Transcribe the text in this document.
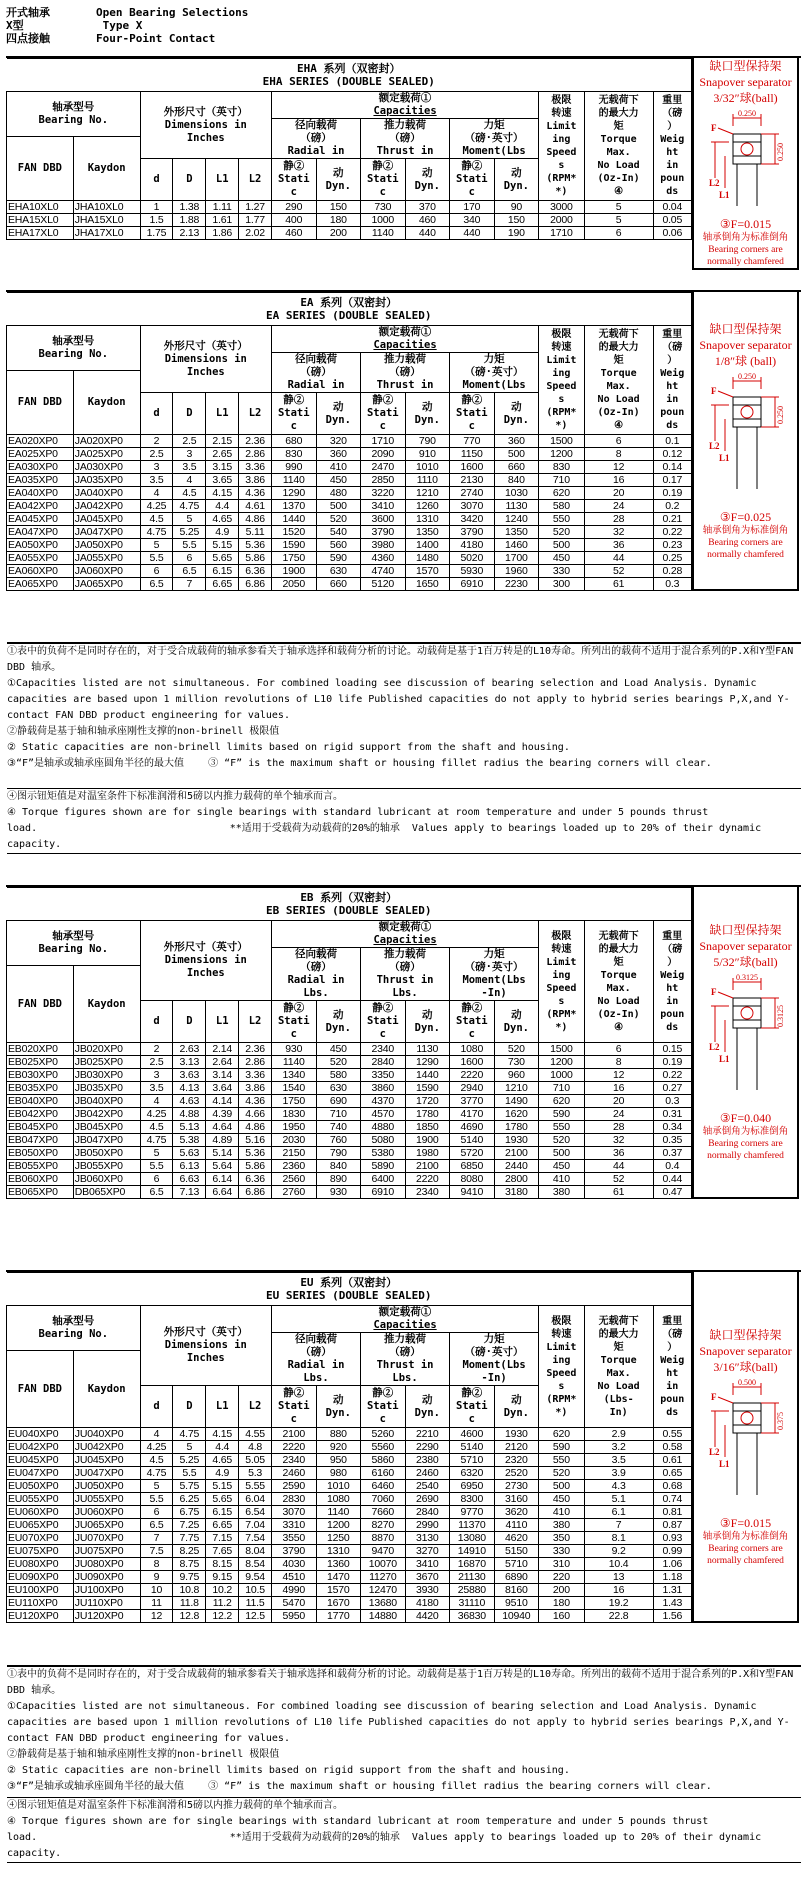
开式轴承	Open Bearing Selections
X型	Type X
四点接触	Four-Point Contact
EHA 系列（双密封）
EHA SERIES (DOUBLE SEALED)														

轴承型号
Bearing No.

外形尺寸（英寸）
Dimensions in
Inches

额定载荷①
Capacities
	极限
转速
Limit
ing
Speed
s
(RPM*
*)	无载荷下
的最大力
矩
Torque
Max.
No Load
(Oz-In)
④	重里
（磅
）
Weig
ht
in
poun
ds
						径向载荷
（磅）
Radial in		推力载荷
（磅）
Thrust in		力矩
（磅·英寸）
Moment(Lbs				
FAN DBD	Kaydon													
		d	D	L1	L2	静②
Stati
c	动
Dyn.	静②
Stati
c	动
Dyn.	静②
Stati
c	动
Dyn.			
EHA10XL0	JHA10XL0	1	1.38	1.11	1.27	290	150	730	370	170	90	3000	5	0.04
EHA15XL0	JHA15XL0	1.5	1.88	1.61	1.77	400	180	1000	460	340	150	2000	5	0.05
EHA17XL0	JHA17XL0	1.75	2.13	1.86	2.02	460	200	1140	440	440	190	1710	6	0.06
缺口型保持架
Snapover separator
3/32″球(ball)
0.250
0.250
F
L2
L1
③F=0.015
轴承倒角为标准倒角
Bearing corners are
normally chamfered
EA 系列（双密封）
EA SERIES (DOUBLE SEALED)														

轴承型号
Bearing No.

外形尺寸（英寸）
Dimensions in
Inches

额定载荷①
Capacities
	极限
转速
Limit
ing
Speed
s
(RPM*
*)	无载荷下
的最大力
矩
Torque
Max.
No Load
(Oz-In)
④	重里
（磅
）
Weig
ht
in
poun
ds
						径向载荷
（磅）
Radial in		推力载荷
（磅）
Thrust in		力矩
（磅·英寸）
Moment(Lbs				
FAN DBD	Kaydon													
		d	D	L1	L2	静②
Stati
c	动
Dyn.	静②
Stati
c	动
Dyn.	静②
Stati
c	动
Dyn.			
EA020XP0	JA020XP0	2	2.5	2.15	2.36	680	320	1710	790	770	360	1500	6	0.1
EA025XP0	JA025XP0	2.5	3	2.65	2.86	830	360	2090	910	1150	500	1200	8	0.12
EA030XP0	JA030XP0	3	3.5	3.15	3.36	990	410	2470	1010	1600	660	830	12	0.14
EA035XP0	JA035XP0	3.5	4	3.65	3.86	1140	450	2850	1110	2130	840	710	16	0.17
EA040XP0	JA040XP0	4	4.5	4.15	4.36	1290	480	3220	1210	2740	1030	620	20	0.19
EA042XP0	JA042XP0	4.25	4.75	4.4	4.61	1370	500	3410	1260	3070	1130	580	24	0.2
EA045XP0	JA045XP0	4.5	5	4.65	4.86	1440	520	3600	1310	3420	1240	550	28	0.21
EA047XP0	JA047XP0	4.75	5.25	4.9	5.11	1520	540	3790	1350	3790	1350	520	32	0.22
EA050XP0	JA050XP0	5	5.5	5.15	5.36	1590	560	3980	1400	4180	1460	500	36	0.23
EA055XP0	JA055XP0	5.5	6	5.65	5.86	1750	590	4360	1480	5020	1700	450	44	0.25
EA060XP0	JA060XP0	6	6.5	6.15	6.36	1900	630	4740	1570	5930	1960	330	52	0.28
EA065XP0	JA065XP0	6.5	7	6.65	6.86	2050	660	5120	1650	6910	2230	300	61	0.3
缺口型保持架
Snapover separator
1/8″球 (ball)
0.250
0.250
F
L2
L1
③F=0.025
轴承倒角为标准倒角
Bearing corners are
normally chamfered
EB 系列（双密封）
EB SERIES (DOUBLE SEALED)														

轴承型号
Bearing No.	外形尺寸（英寸）
Dimensions in
Inches

额定载荷①
Capacities	极限
转速
Limit
ing
Speed
s
(RPM*
*)	无载荷下
的最大力
矩
Torque
Max.
No Load
(Oz-In)
④	重里
（磅
）
Weig
ht
in
poun
ds
						径向载荷
（磅）
Radial in
Lbs.		推力载荷
（磅）
Thrust in
Lbs.		力矩
（磅·英寸）
Moment(Lbs
-In)				
FAN DBD	Kaydon													
		d	D	L1	L2	静②
Stati
c	动
Dyn.	静②
Stati
c	动
Dyn.	静②
Stati
c	动
Dyn.			
EB020XP0	JB020XP0	2	2.63	2.14	2.36	930	450	2340	1130	1080	520	1500	6	0.15
EB025XP0	JB025XP0	2.5	3.13	2.64	2.86	1140	520	2840	1290	1600	730	1200	8	0.19
EB030XP0	JB030XP0	3	3.63	3.14	3.36	1340	580	3350	1440	2220	960	1000	12	0.22
EB035XP0	JB035XP0	3.5	4.13	3.64	3.86	1540	630	3860	1590	2940	1210	710	16	0.27
EB040XP0	JB040XP0	4	4.63	4.14	4.36	1750	690	4370	1720	3770	1490	620	20	0.3
EB042XP0	JB042XP0	4.25	4.88	4.39	4.66	1830	710	4570	1780	4170	1620	590	24	0.31
EB045XP0	JB045XP0	4.5	5.13	4.64	4.86	1950	740	4880	1850	4690	1780	550	28	0.34
EB047XP0	JB047XP0	4.75	5.38	4.89	5.16	2030	760	5080	1900	5140	1930	520	32	0.35
EB050XP0	JB050XP0	5	5.63	5.14	5.36	2150	790	5380	1980	5720	2100	500	36	0.37
EB055XP0	JB055XP0	5.5	6.13	5.64	5.86	2360	840	5890	2100	6850	2440	450	44	0.4
EB060XP0	JB060XP0	6	6.63	6.14	6.36	2560	890	6400	2220	8080	2800	410	52	0.44
EB065XP0	DB065XP0	6.5	7.13	6.64	6.86	2760	930	6910	2340	9410	3180	380	61	0.47
缺口型保持架
Snapover separator
5/32″球(ball)
0.3125
0.3125
F
L2
L1
③F=0.040
轴承倒角为标准倒角
Bearing corners are
normally chamfered
EU 系列（双密封）
EU SERIES (DOUBLE SEALED)														

轴承型号
Bearing No.	外形尺寸（英寸）
Dimensions in
Inches

额定载荷①
Capacities	极限
转速
Limit
ing
Speed
s
(RPM*
*)	无载荷下
的最大力
矩
Torque
Max.
No Load
(Lbs-
In)	重里
（磅
）
Weig
ht
in
poun
ds
						径向载荷
（磅）
Radial in
Lbs.		推力载荷
（磅）
Thrust in
Lbs.		力矩
（磅·英寸）
Moment(Lbs
-In)				
FAN DBD	Kaydon													
		d	D	L1	L2	静②
Stati
c	动
Dyn.	静②
Stati
c	动
Dyn.	静②
Stati
c	动
Dyn.			
EU040XP0	JU040XP0	4	4.75	4.15	4.55	2100	880	5260	2210	4600	1930	620	2.9	0.55
EU042XP0	JU042XP0	4.25	5	4.4	4.8	2220	920	5560	2290	5140	2120	590	3.2	0.58
EU045XP0	JU045XP0	4.5	5.25	4.65	5.05	2340	950	5860	2380	5710	2320	550	3.5	0.61
EU047XP0	JU047XP0	4.75	5.5	4.9	5.3	2460	980	6160	2460	6320	2520	520	3.9	0.65
EU050XP0	JU050XP0	5	5.75	5.15	5.55	2590	1010	6460	2540	6950	2730	500	4.3	0.68
EU055XP0	JU055XP0	5.5	6.25	5.65	6.04	2830	1080	7060	2690	8300	3160	450	5.1	0.74
EU060XP0	JU060XP0	6	6.75	6.15	6.54	3070	1140	7660	2840	9770	3620	410	6.1	0.81
EU065XP0	JU065XP0	6.5	7.25	6.65	7.04	3310	1200	8270	2990	11370	4110	380	7	0.87
EU070XP0	JU070XP0	7	7.75	7.15	7.54	3550	1250	8870	3130	13080	4620	350	8.1	0.93
EU075XP0	JU075XP0	7.5	8.25	7.65	8.04	3790	1310	9470	3270	14910	5150	330	9.2	0.99
EU080XP0	JU080XP0	8	8.75	8.15	8.54	4030	1360	10070	3410	16870	5710	310	10.4	1.06
EU090XP0	JU090XP0	9	9.75	9.15	9.54	4510	1470	11270	3670	21130	6890	220	13	1.18
EU100XP0	JU100XP0	10	10.8	10.2	10.5	4990	1570	12470	3930	25880	8160	200	16	1.31
EU110XP0	JU110XP0	11	11.8	11.2	11.5	5470	1670	13680	4180	31110	9510	180	19.2	1.43
EU120XP0	JU120XP0	12	12.8	12.2	12.5	5950	1770	14880	4420	36830	10940	160	22.8	1.56
缺口型保持架
Snapover separator
3/16″球(ball)
0.500
0.375
F
L2
L1
③F=0.015
轴承倒角为标准倒角
Bearing corners are
normally chamfered

①表中的负荷不是同时存在的，对于受合成载荷的轴承参看关于轴承选择和载荷分析的讨论。动载荷是基于1百万转是的L10寿命。所列出的载荷不适用于混合系列的P.X和Y型FAN DBD 轴承。

①Capacities listed are not simultaneous. For combined loading see discussion of bearing selection and Load Analysis. Dynamic capacities are based upon 1 million revolutions of L10 life Published capacities do not apply to hybrid series bearings P,X,and Y-contact FAN DBD product engineering for values.

②静载荷是基于轴和轴承座刚性支撑的non-brinell 极限值

② Static capacities are non-brinell limits based on rigid support from the shaft and housing.

③“F”是轴承或轴承座圆角半径的最大值 ③ “F” is the maximum shaft or housing fillet radius the bearing corners will clear.

④图示钮矩值是对温室条件下标准润滑和5磅以内推力载荷的单个轴承而言。

④ Torque figures shown are for single bearings with standard lubricant at room temperature and under 5 pounds thrust load.	**适用于受载荷为动载荷的20%的轴承 Values apply to bearings loaded up to 20% of their dynamic capacity.

①表中的负荷不是同时存在的，对于受合成载荷的轴承参看关于轴承选择和载荷分析的讨论。动载荷是基于1百万转是的L10寿命。所列出的载荷不适用于混合系列的P.X和Y型FAN DBD 轴承。

①Capacities listed are not simultaneous. For combined loading see discussion of bearing selection and Load Analysis. Dynamic capacities are based upon 1 million revolutions of L10 life Published capacities do not apply to hybrid series bearings P,X,and Y-contact FAN DBD product engineering for values.

②静载荷是基于轴和轴承座刚性支撑的non-brinell 极限值

② Static capacities are non-brinell limits based on rigid support from the shaft and housing.

③“F”是轴承或轴承座圆角半径的最大值 ③ “F” is the maximum shaft or housing fillet radius the bearing corners will clear.

④图示钮矩值是对温室条件下标准润滑和5磅以内推力载荷的单个轴承而言。

④ Torque figures shown are for single bearings with standard lubricant at room temperature and under 5 pounds thrust load.	**适用于受载荷为动载荷的20%的轴承 Values apply to bearings loaded up to 20% of their dynamic capacity.
